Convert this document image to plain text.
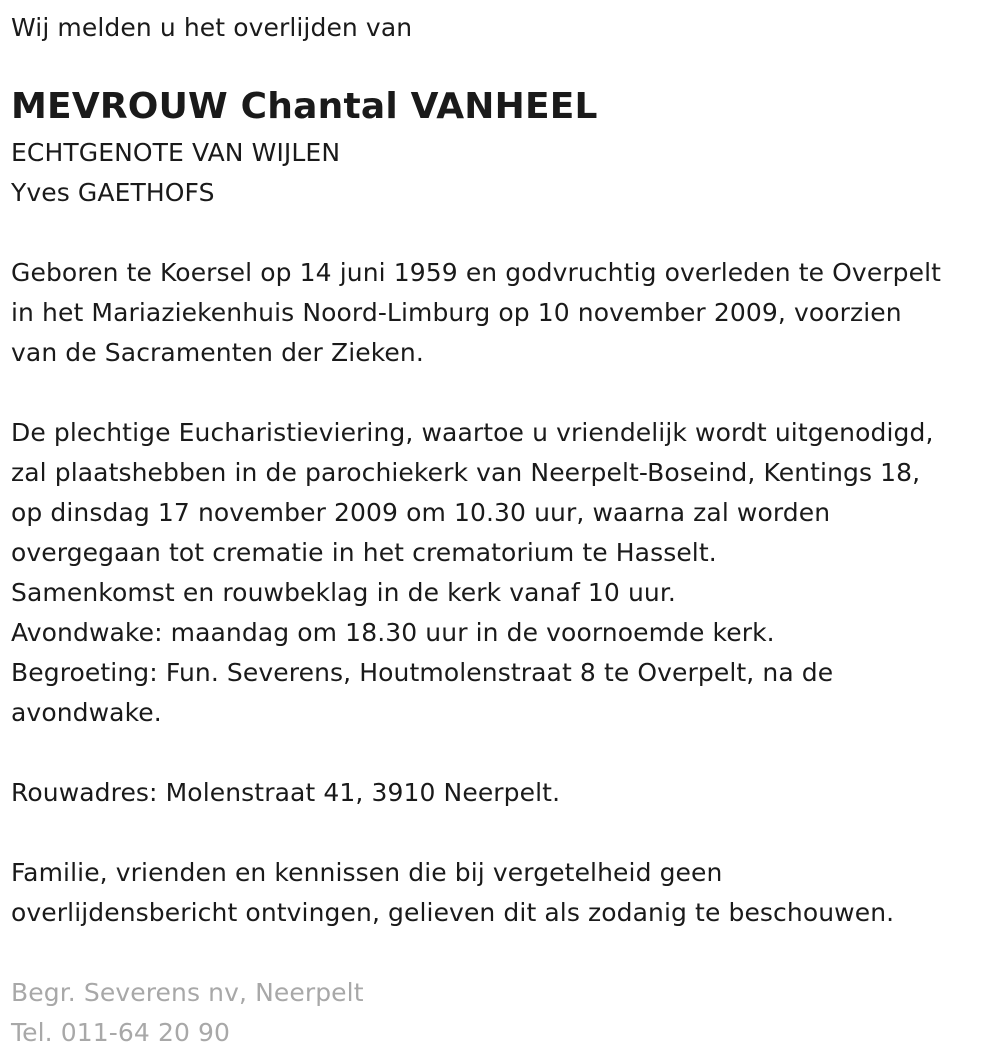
Wij melden u het overlijden van
MEVROUW Chantal VANHEEL
ECHTGENOTE VAN WIJLEN
Yves GAETHOFS
Geboren te Koersel op 14 juni 1959 en godvruchtig overleden te Overpelt
in het Mariaziekenhuis Noord-Limburg op 10 november 2009, voorzien
van de Sacramenten der Zieken.
De plechtige Eucharistieviering, waartoe u vriendelijk wordt uitgenodigd,
zal plaatshebben in de parochiekerk van Neerpelt-Boseind, Kentings 18,
op dinsdag 17 november 2009 om 10.30 uur, waarna zal worden
overgegaan tot crematie in het crematorium te Hasselt.
Samenkomst en rouwbeklag in de kerk vanaf 10 uur.
Avondwake: maandag om 18.30 uur in de voornoemde kerk.
Begroeting: Fun. Severens, Houtmolenstraat 8 te Overpelt, na de
avondwake.
Rouwadres: Molenstraat 41, 3910 Neerpelt.
Familie, vrienden en kennissen die bij vergetelheid geen
overlijdensbericht ontvingen, gelieven dit als zodanig te beschouwen.
Begr. Severens nv, Neerpelt
Tel. 011-64 20 90
